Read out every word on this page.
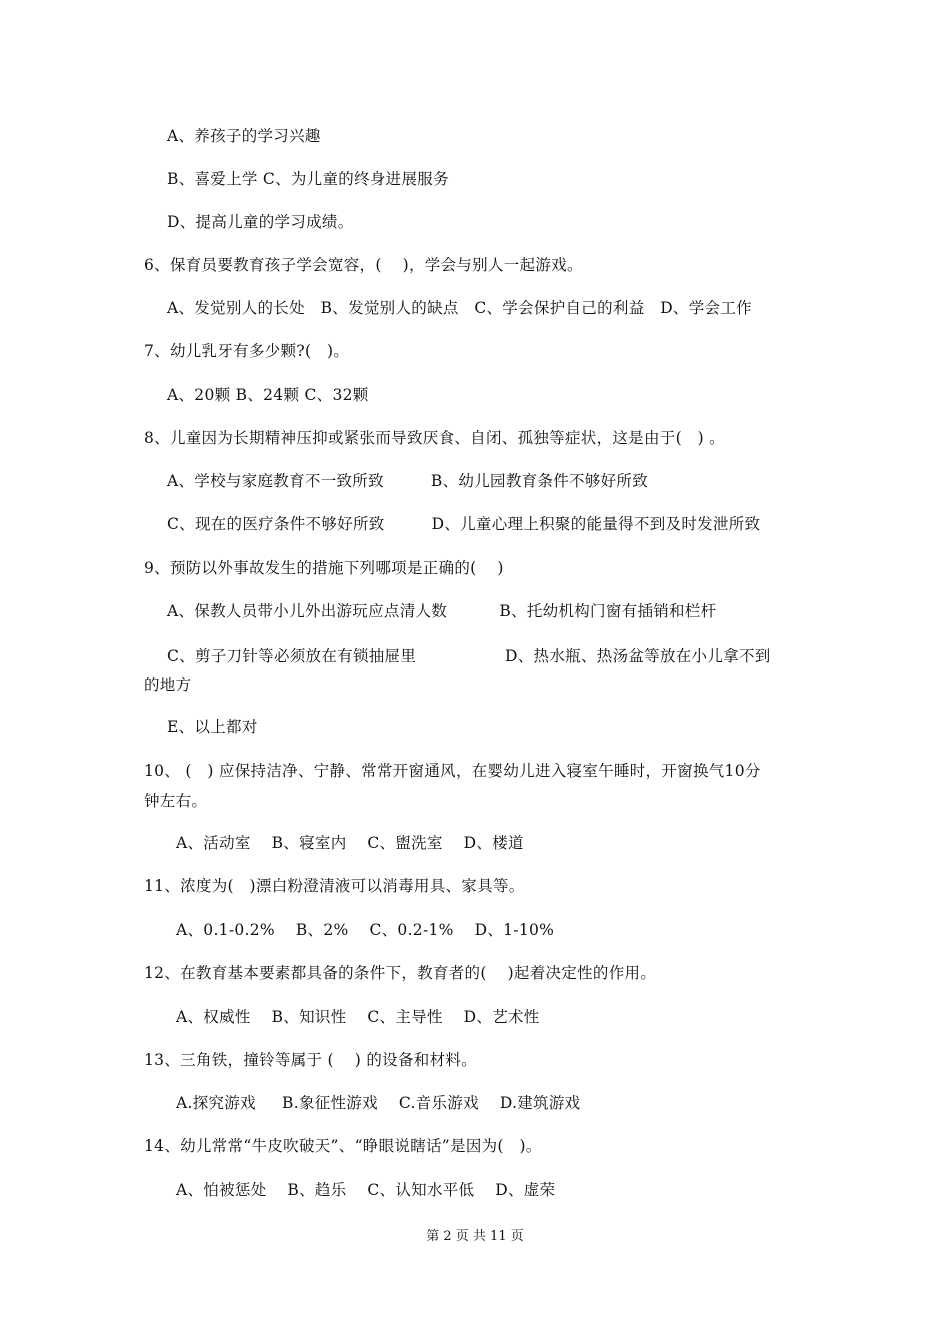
A、养孩子的学习兴趣
B、喜爱上学 C、为儿童的终身进展服务
D、提高儿童的学习成绩。
6、保育员要教育孩子学会宽容，(    )，学会与别人一起游戏。
A、发觉别人的长处   B、发觉别人的缺点   C、学会保护自己的利益   D、学会工作
7、幼儿乳牙有多少颗?(   )。
A、20颗 B、24颗 C、32颗
8、儿童因为长期精神压抑或紧张而导致厌食、自闭、孤独等症状，这是由于(   ) 。
A、学校与家庭教育不一致所致         B、幼儿园教育条件不够好所致
C、现在的医疗条件不够好所致         D、儿童心理上积聚的能量得不到及时发泄所致
9、预防以外事故发生的措施下列哪项是正确的(    )
A、保教人员带小儿外出游玩应点清人数          B、托幼机构门窗有插销和栏杆
C、剪子刀针等必须放在有锁抽屉里                 D、热水瓶、热汤盆等放在小儿拿不到
的地方
E、以上都对
10、 (   ) 应保持洁净、宁静、常常开窗通风，在婴幼儿进入寝室午睡时，开窗换气10分
钟左右。
A、活动室    B、寝室内    C、盥洗室    D、楼道
11、浓度为(   )漂白粉澄清液可以消毒用具、家具等。
A、0.1-0.2%    B、2%    C、0.2-1%    D、1-10%
12、在教育基本要素都具备的条件下，教育者的(    )起着决定性的作用。
A、权威性    B、知识性    C、主导性    D、艺术性
13、三角铁，撞铃等属于 (    ) 的设备和材料。
A.探究游戏     B.象征性游戏    C.音乐游戏    D.建筑游戏
14、幼儿常常“牛皮吹破天”、“睁眼说瞎话”是因为(   )。
A、怕被惩处    B、趋乐    C、认知水平低    D、虚荣
第 2 页 共 11 页
